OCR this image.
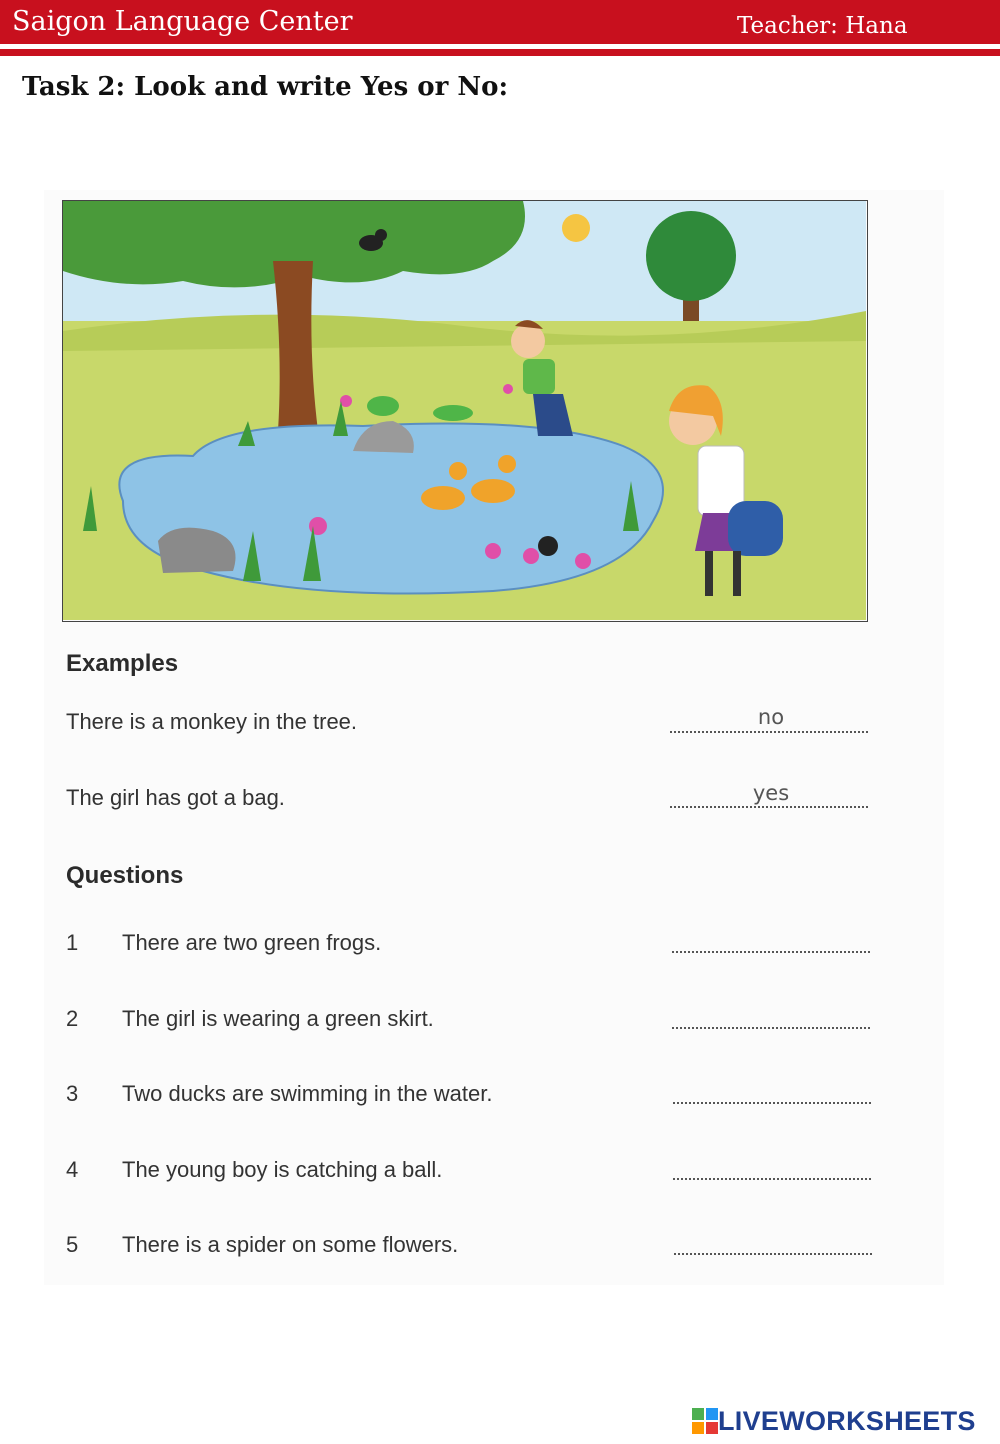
Saigon Language Center	Teacher: Hana
Task 2: Look and write Yes or No:
Examples
There is a monkey in the tree.
no
The girl has got a bag.
yes
Questions
1 There are two green frogs.
2 The girl is wearing a green skirt.
3 Two ducks are swimming in the water.
4 The young boy is catching a ball.
5 There is a spider on some flowers.
LIVEWORKSHEETS
